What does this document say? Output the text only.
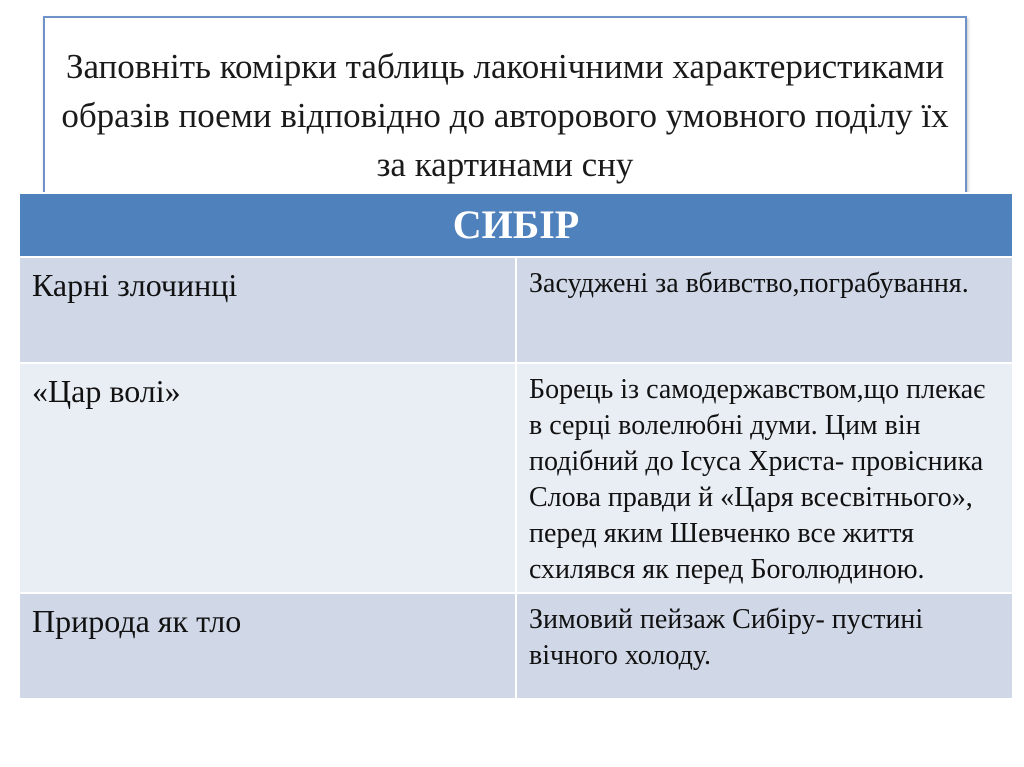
Заповніть комірки таблиць лаконічними характеристиками образів поеми відповідно до авторового умовного поділу їх за картинами сну
СИБІР	
Карні злочинці	Засуджені за вбивство,пограбування.
«Цар волі»	Борець із самодержавством,що плекає в серці волелюбні думи. Цим він подібний до Ісуса Христа- провісника Слова правди й «Царя всесвітнього», перед яким Шевченко все життя схилявся як перед Боголюдиною.
Природа як тло	Зимовий пейзаж Сибіру- пустині вічного холоду.
